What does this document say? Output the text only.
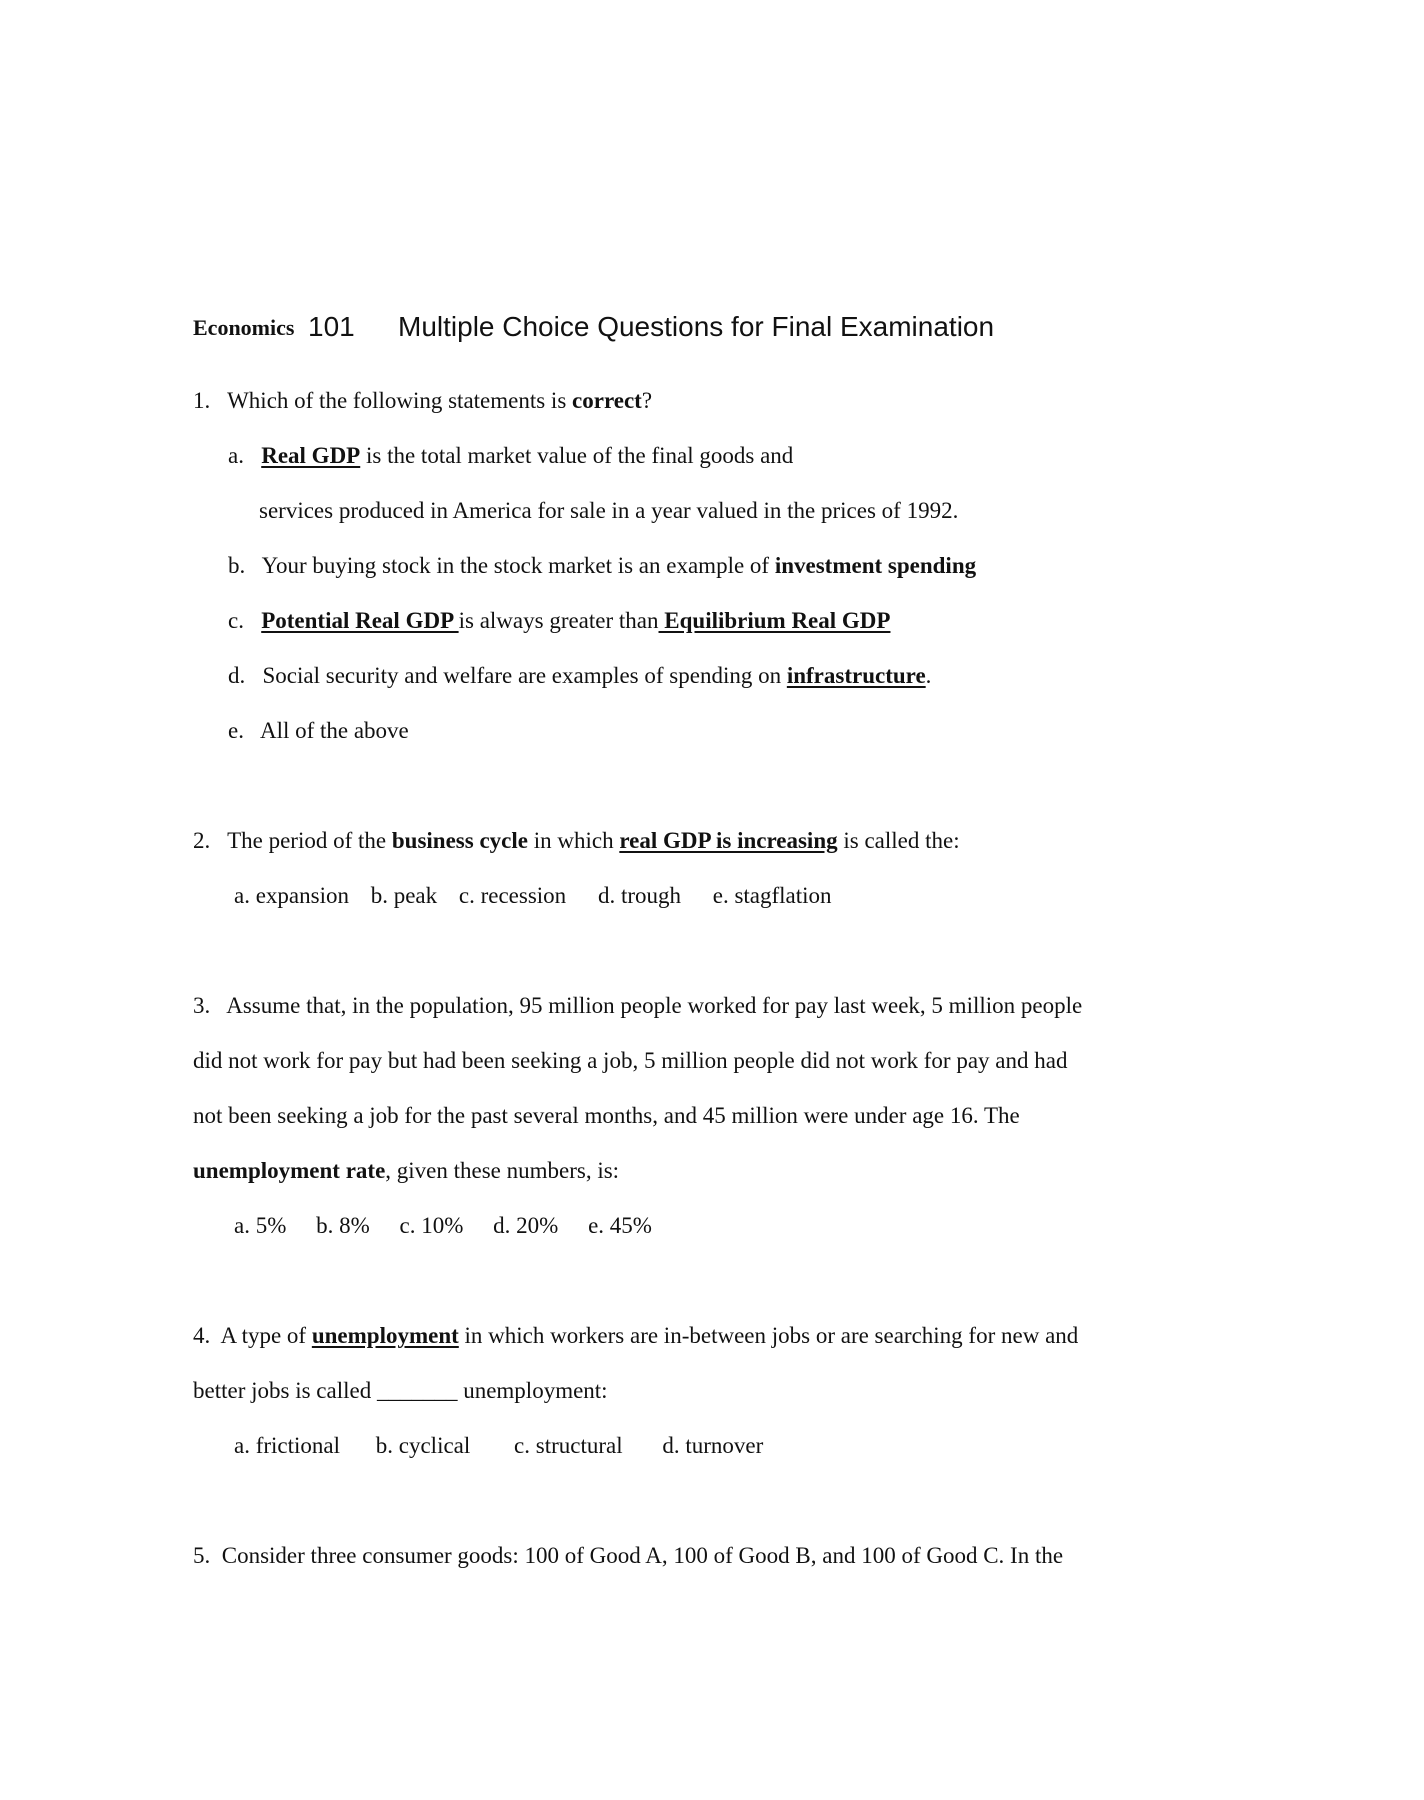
Economics 101 Multiple Choice Questions for Final Examination
1. Which of the following statements is correct?
a. Real GDP is the total market value of the final goods and
services produced in America for sale in a year valued in the prices of 1992.
b. Your buying stock in the stock market is an example of investment spending
c. Potential Real GDP is always greater than Equilibrium Real GDP
d. Social security and welfare are examples of spending on infrastructure.
e. All of the above
2. The period of the business cycle in which real GDP is increasing is called the:
a. expansion b. peak c. recession d. trough e. stagflation
3. Assume that, in the population, 95 million people worked for pay last week, 5 million people
did not work for pay but had been seeking a job, 5 million people did not work for pay and had
not been seeking a job for the past several months, and 45 million were under age 16. The
unemployment rate, given these numbers, is:
a. 5% b. 8% c. 10% d. 20% e. 45%
4. A type of unemployment in which workers are in-between jobs or are searching for new and
better jobs is called _______ unemployment:
a. frictional b. cyclical c. structural d. turnover
5. Consider three consumer goods: 100 of Good A, 100 of Good B, and 100 of Good C. In the
